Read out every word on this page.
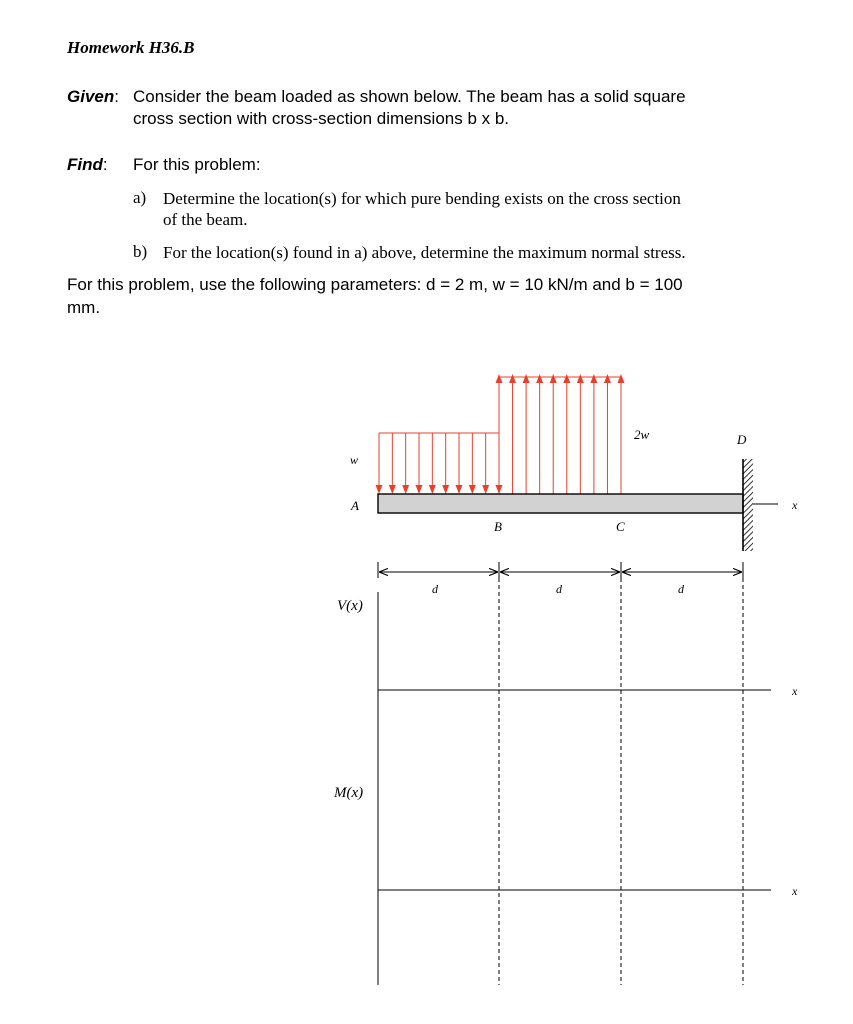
Homework H36.B
Given: Consider the beam loaded as shown below. The beam has a solid square
cross section with cross-section dimensions b x b.
Find: For this problem:
a) Determine the location(s) for which pure bending exists on the cross section
of the beam.
b) For the location(s) found in a) above, determine the maximum normal stress.
For this problem, use the following parameters: d = 2 m, w = 10 kN/m and b = 100
mm.
w
2w
A
B	C
D
x
d	d	d
V(x)
M(x)
x
x
